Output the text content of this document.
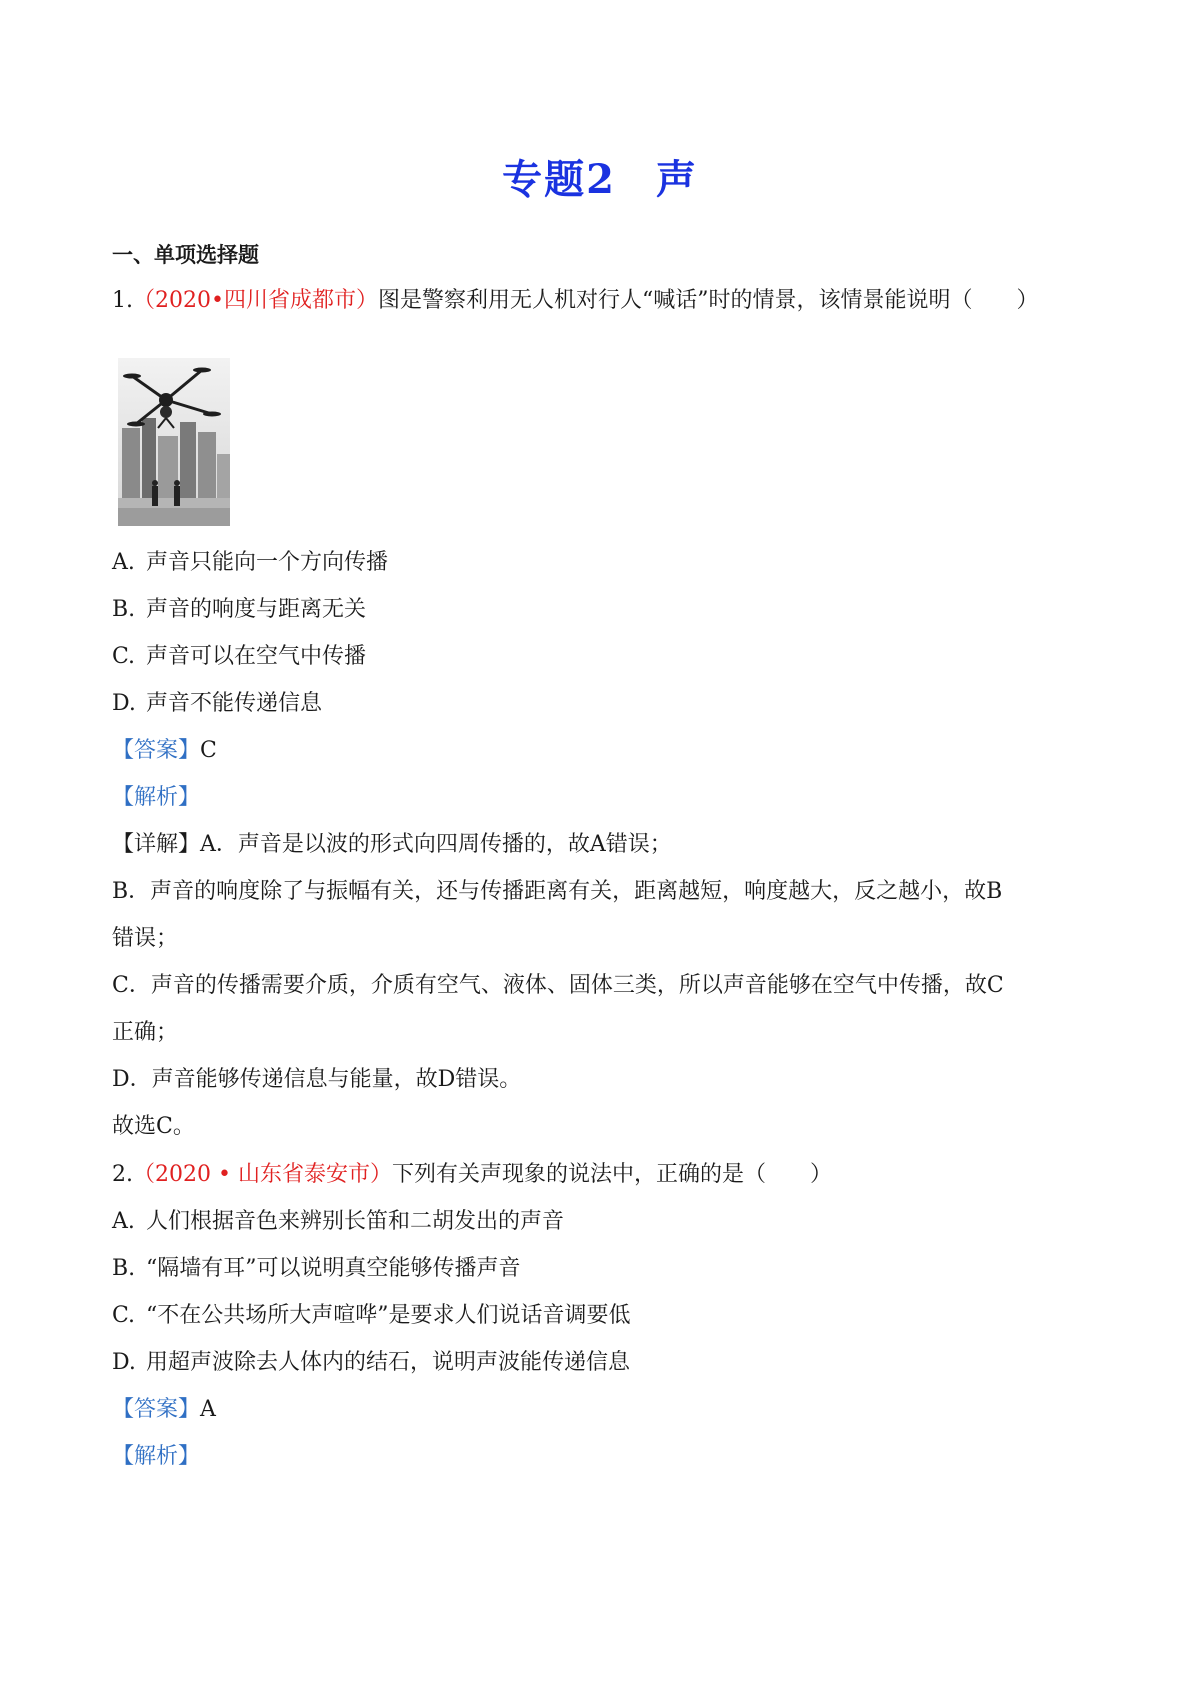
专题2 声
一、单项选择题
1.（2020•四川省成都市）图是警察利用无人机对行人“喊话”时的情景，该情景能说明（　　）
A. 声音只能向一个方向传播
B. 声音的响度与距离无关
C. 声音可以在空气中传播
D. 声音不能传递信息
【答案】C
【解析】
【详解】A．声音是以波的形式向四周传播的，故A错误；
B．声音的响度除了与振幅有关，还与传播距离有关，距离越短，响度越大，反之越小，故B
错误；
C．声音的传播需要介质，介质有空气、液体、固体三类，所以声音能够在空气中传播，故C
正确；
D．声音能够传递信息与能量，故D错误。
故选C。
2.（2020 • 山东省泰安市）下列有关声现象的说法中，正确的是（　　）
A. 人们根据音色来辨别长笛和二胡发出的声音
B. “隔墙有耳”可以说明真空能够传播声音
C. “不在公共场所大声喧哗”是要求人们说话音调要低
D. 用超声波除去人体内的结石，说明声波能传递信息
【答案】A
【解析】
